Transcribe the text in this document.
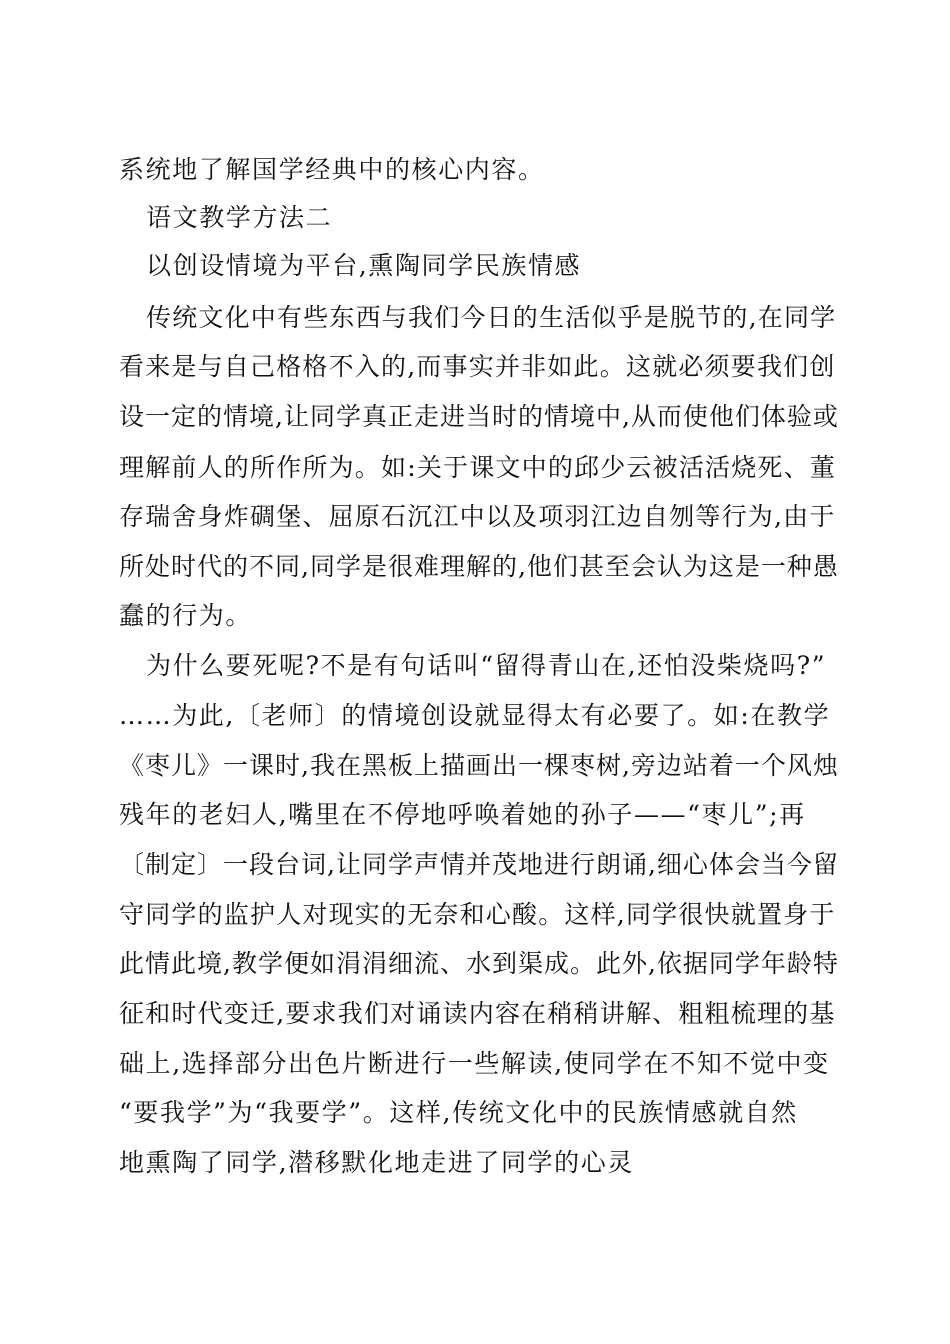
系统地了解国学经典中的核心内容。
语文教学方法二
以创设情境为平台,熏陶同学民族情感
传统文化中有些东西与我们今日的生活似乎是脱节的,在同学
看来是与自己格格不入的,而事实并非如此。这就必须要我们创
设一定的情境,让同学真正走进当时的情境中,从而使他们体验或
理解前人的所作所为。如:关于课文中的邱少云被活活烧死、董
存瑞舍身炸碉堡、屈原石沉江中以及项羽江边自刎等行为,由于
所处时代的不同,同学是很难理解的,他们甚至会认为这是一种愚
蠢的行为。
为什么要死呢?不是有句话叫“留得青山在,还怕没柴烧吗?”
……为此,〔老师〕的情境创设就显得太有必要了。如:在教学
《枣儿》一课时,我在黑板上描画出一棵枣树,旁边站着一个风烛
残年的老妇人,嘴里在不停地呼唤着她的孙子——“枣儿”;再
〔制定〕一段台词,让同学声情并茂地进行朗诵,细心体会当今留
守同学的监护人对现实的无奈和心酸。这样,同学很快就置身于
此情此境,教学便如涓涓细流、水到渠成。此外,依据同学年龄特
征和时代变迁,要求我们对诵读内容在稍稍讲解、粗粗梳理的基
础上,选择部分出色片断进行一些解读,使同学在不知不觉中变
“要我学”为“我要学”。这样,传统文化中的民族情感就自然
地熏陶了同学,潜移默化地走进了同学的心灵
